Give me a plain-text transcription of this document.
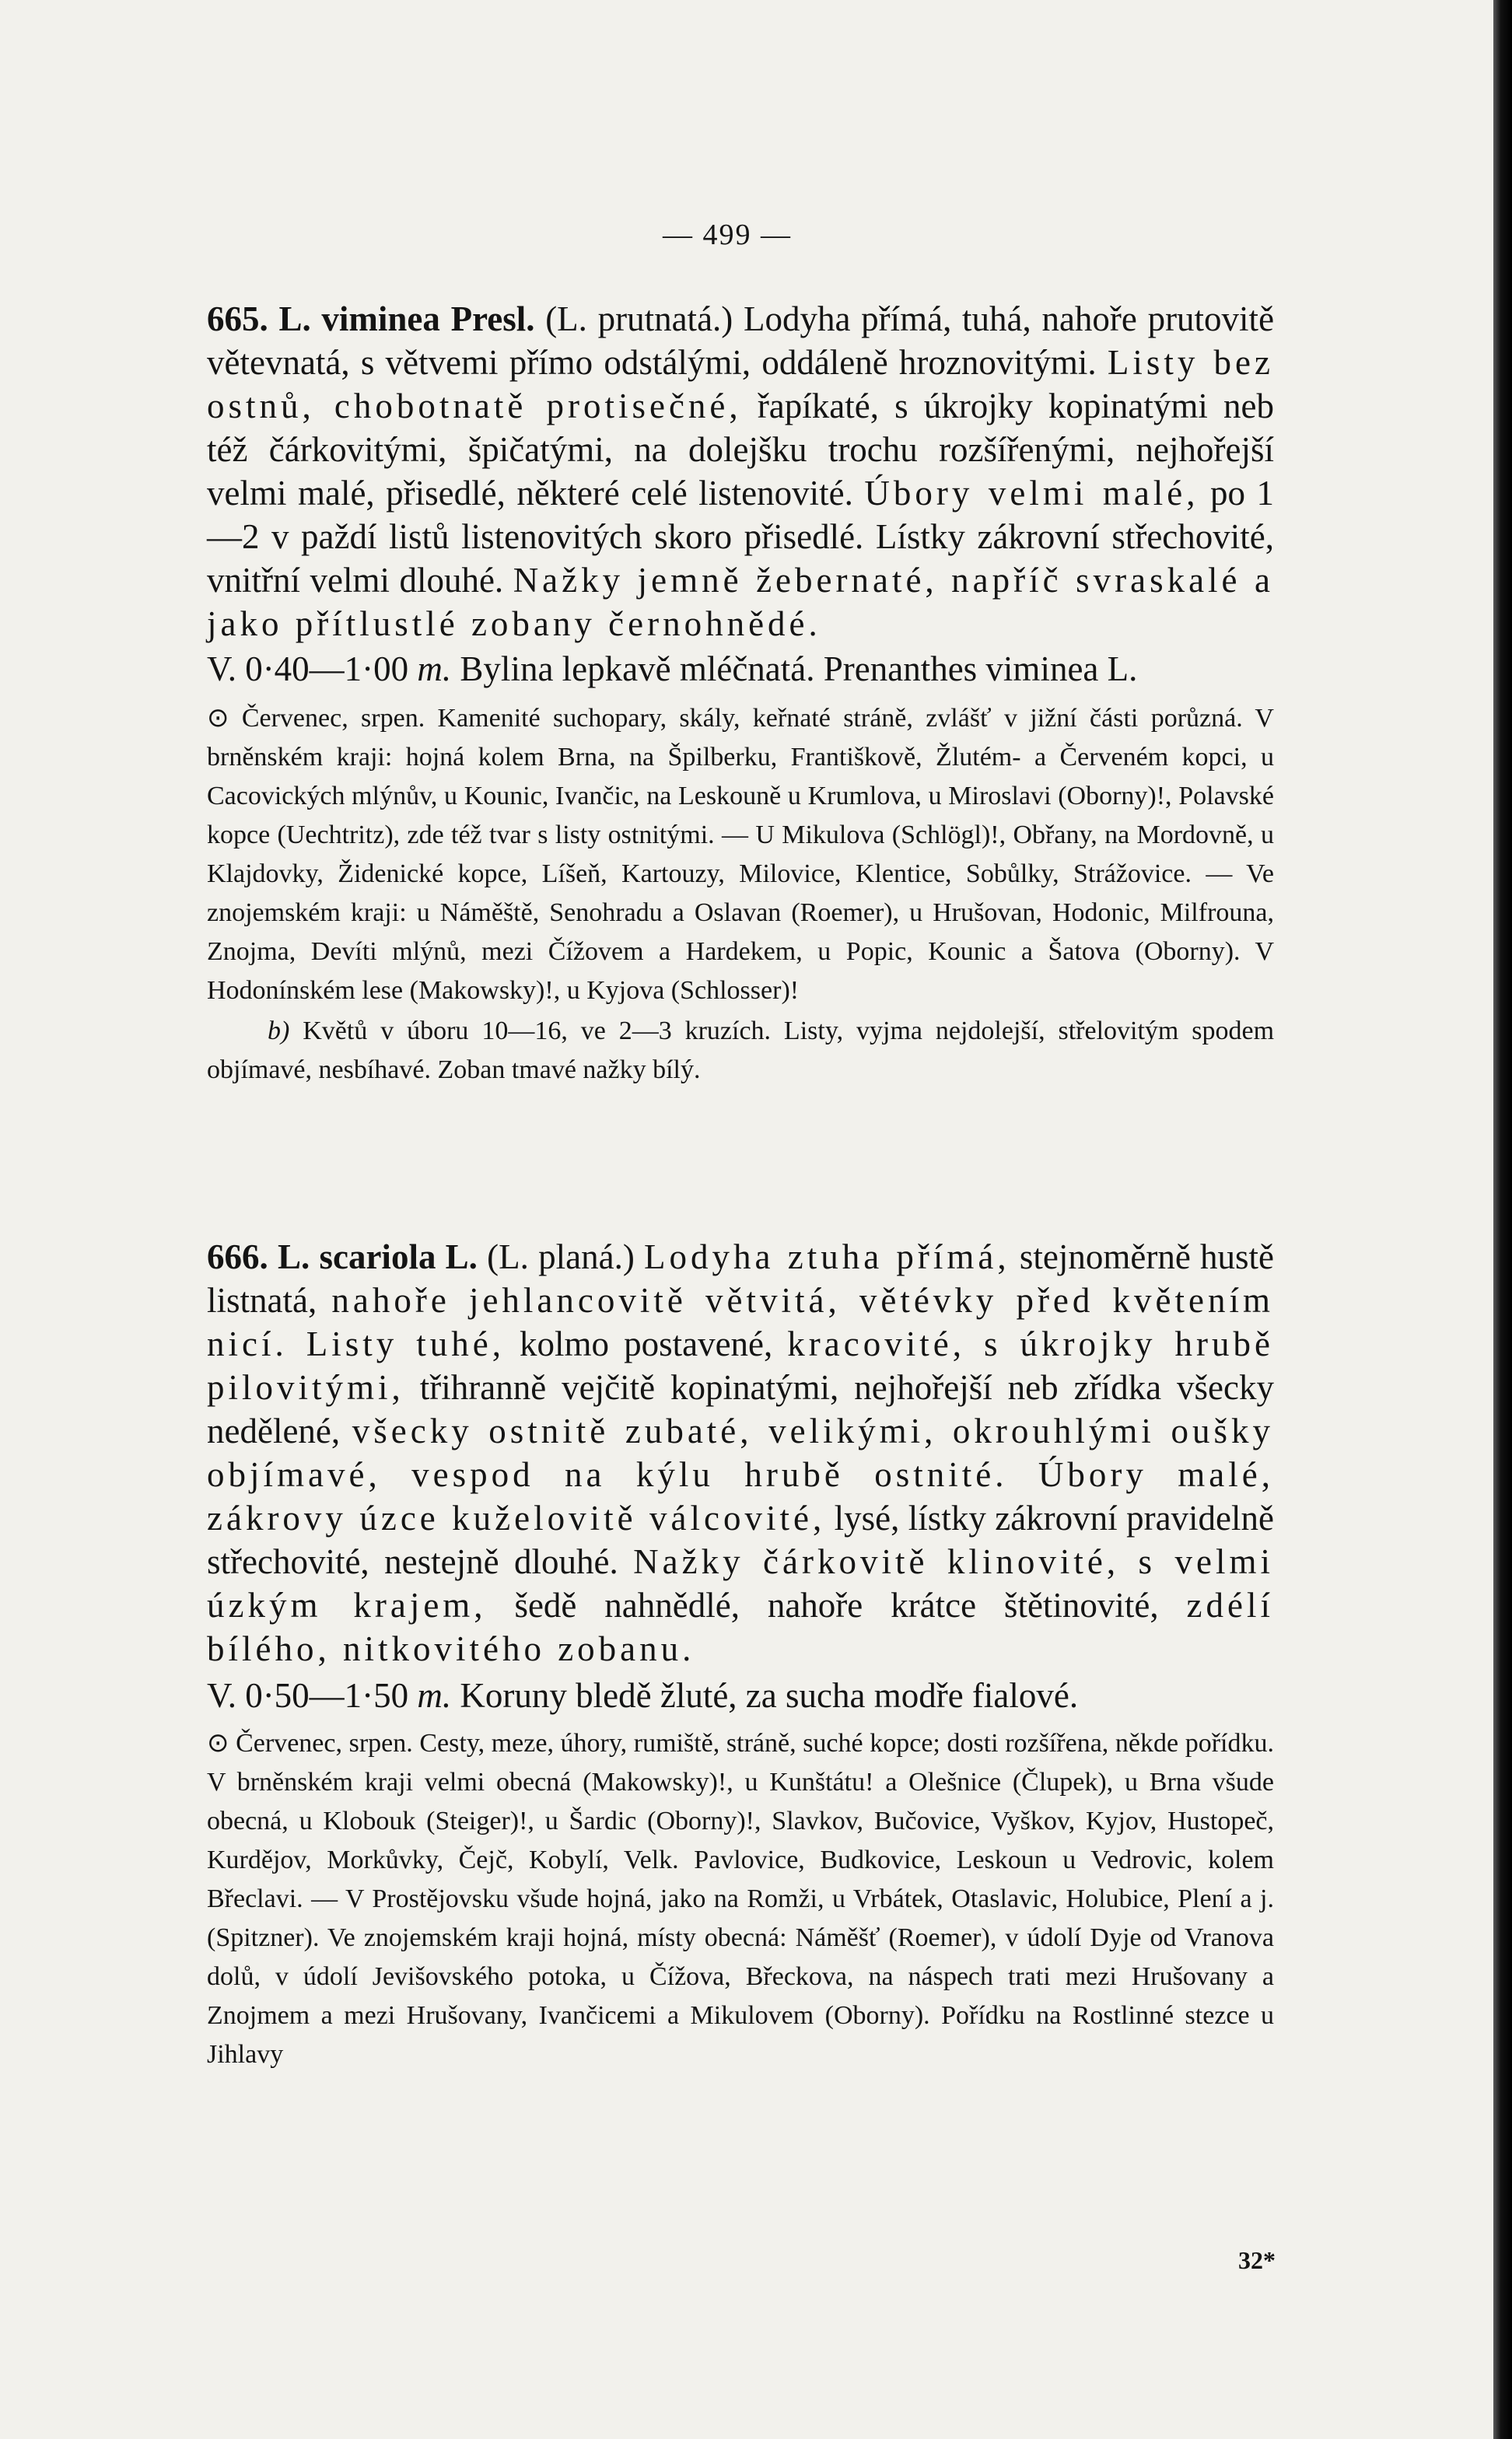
— 499 —

665. L. viminea Presl. (L. prutnatá.) Lodyha přímá, tuhá, nahoře prutovitě větevnatá, s větvemi přímo odstálými, oddáleně hroznovitými. Listy bez ostnů, chobotnatě protisečné, řapíkaté, s úkrojky kopinatými neb též čárkovitými, špičatými, na dolejšku trochu rozšířenými, nejhořejší velmi malé, přisedlé, některé celé listenovité. Úbory velmi malé, po 1—2 v paždí listů listenovitých skoro přisedlé. Lístky zákrovní střechovité, vnitřní velmi dlouhé. Nažky jemně žebernaté, napříč svraskalé a jako přítlustlé zobany černohnědé.

V. 0·40—1·00 m. Bylina lepkavě mléčnatá. Prenanthes viminea L.

⊙ Červenec, srpen. Kamenité suchopary, skály, keřnaté stráně, zvlášť v jižní části porůzná. V brněnském kraji: hojná kolem Brna, na Špilberku, Františkově, Žlutém- a Červeném kopci, u Cacovických mlýnův, u Kounic, Ivančic, na Leskouně u Krumlova, u Miroslavi (Oborny)!, Polavské kopce (Uechtritz), zde též tvar s listy ostnitými. — U Mikulova (Schlögl)!, Obřany, na Mordovně, u Klajdovky, Židenické kopce, Líšeň, Kartouzy, Milovice, Klentice, Sobůlky, Strážovice. — Ve znojemském kraji: u Náměště, Senohradu a Oslavan (Roemer), u Hrušovan, Hodonic, Milfrouna, Znojma, Devíti mlýnů, mezi Čížovem a Hardekem, u Popic, Kounic a Šatova (Oborny). V Hodonínském lese (Makowsky)!, u Kyjova (Schlosser)!

b) Květů v úboru 10—16, ve 2—3 kruzích. Listy, vyjma nejdolejší, střelovitým spodem objímavé, nesbíhavé. Zoban tmavé nažky bílý.

666. L. scariola L. (L. planá.) Lodyha ztuha přímá, stejnoměrně hustě listnatá, nahoře jehlancovitě větvitá, větévky před květením nicí. Listy tuhé, kolmo postavené, kracovité, s úkrojky hrubě pilovitými, třihranně vejčitě kopinatými, nejhořejší neb zřídka všecky nedělené, všecky ostnitě zubaté, velikými, okrouhlými oušky objímavé, vespod na kýlu hrubě ostnité. Úbory malé, zákrovy úzce kuželovitě válcovité, lysé, lístky zákrovní pravidelně střechovité, nestejně dlouhé. Nažky čárkovitě klinovité, s velmi úzkým krajem, šedě nahnědlé, nahoře krátce štětinovité, zdélí bílého, nitkovitého zobanu.

V. 0·50—1·50 m. Koruny bledě žluté, za sucha modře fialové.

⊙ Červenec, srpen. Cesty, meze, úhory, rumiště, stráně, suché kopce; dosti rozšířena, někde pořídku. V brněnském kraji velmi obecná (Makowsky)!, u Kunštátu! a Olešnice (Člupek), u Brna všude obecná, u Klobouk (Steiger)!, u Šardic (Oborny)!, Slavkov, Bučovice, Vyškov, Kyjov, Hustopeč, Kurdějov, Morkůvky, Čejč, Kobylí, Velk. Pavlovice, Budkovice, Leskoun u Vedrovic, kolem Břeclavi. — V Prostějovsku všude hojná, jako na Romži, u Vrbátek, Otaslavic, Holubice, Plení a j. (Spitzner). Ve znojemském kraji hojná, místy obecná: Náměšť (Roemer), v údolí Dyje od Vranova dolů, v údolí Jevišovského potoka, u Čížova, Břeckova, na náspech trati mezi Hrušovany a Znojmem a mezi Hrušovany, Ivančicemi a Mikulovem (Oborny). Pořídku na Rostlinné stezce u Jihlavy

32*
